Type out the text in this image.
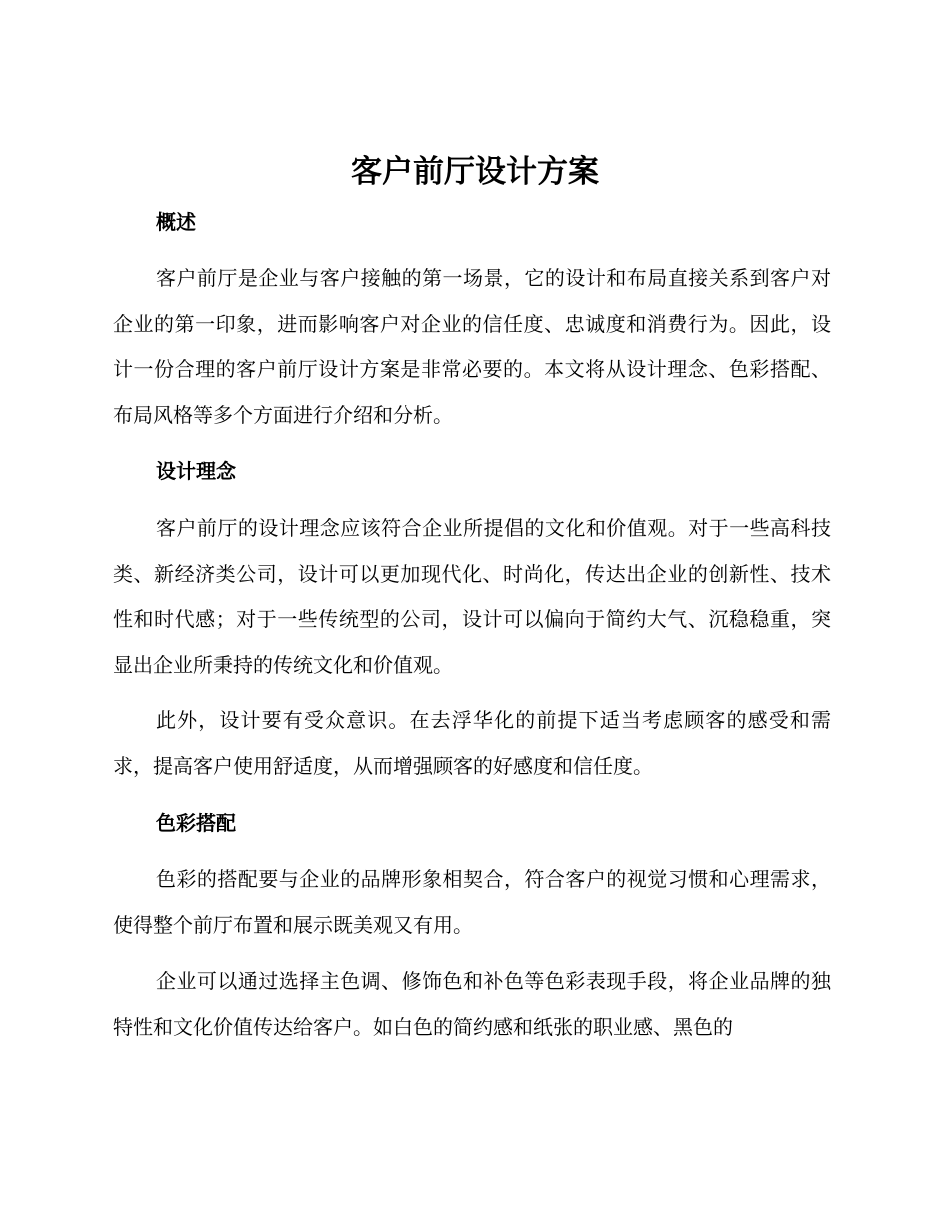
客户前厅设计方案
概述
客户前厅是企业与客户接触的第一场景，它的设计和布局直接关系到客户对企业的第一印象，进而影响客户对企业的信任度、忠诚度和消费行为。因此，设计一份合理的客户前厅设计方案是非常必要的。本文将从设计理念、色彩搭配、布局风格等多个方面进行介绍和分析。
设计理念
客户前厅的设计理念应该符合企业所提倡的文化和价值观。对于一些高科技类、新经济类公司，设计可以更加现代化、时尚化，传达出企业的创新性、技术性和时代感；对于一些传统型的公司，设计可以偏向于简约大气、沉稳稳重，突显出企业所秉持的传统文化和价值观。
此外，设计要有受众意识。在去浮华化的前提下适当考虑顾客的感受和需求，提高客户使用舒适度，从而增强顾客的好感度和信任度。
色彩搭配
色彩的搭配要与企业的品牌形象相契合，符合客户的视觉习惯和心理需求，使得整个前厅布置和展示既美观又有用。
企业可以通过选择主色调、修饰色和补色等色彩表现手段，将企业品牌的独特性和文化价值传达给客户。如白色的简约感和纸张的职业感、黑色的
